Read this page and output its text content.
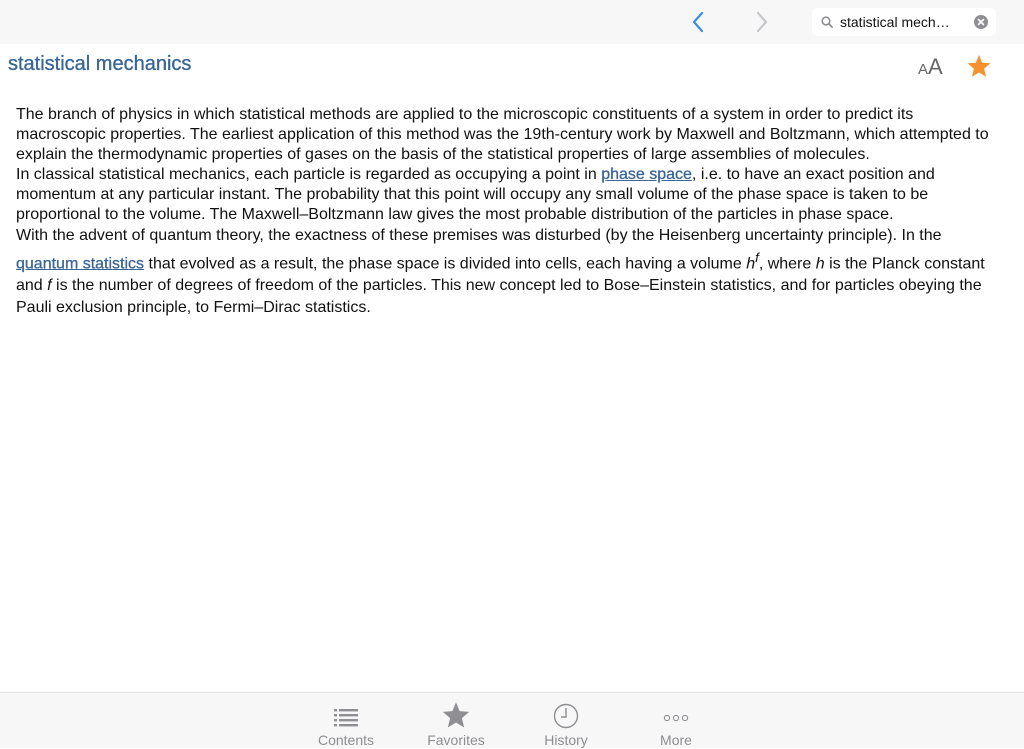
statistical mech…
statistical mechanics	AA

The branch of physics in which statistical methods are applied to the microscopic constituents of a system in order to predict its macroscopic properties. The earliest application of this method was the 19th-century work by Maxwell and Boltzmann, which attempted to explain the thermodynamic properties of gases on the basis of the statistical properties of large assemblies of molecules.

In classical statistical mechanics, each particle is regarded as occupying a point in phase space, i.e. to have an exact position and momentum at any particular instant. The probability that this point will occupy any small volume of the phase space is taken to be proportional to the volume. The Maxwell–Boltzmann law gives the most probable distribution of the particles in phase space.

With the advent of quantum theory, the exactness of these premises was disturbed (by the Heisenberg uncertainty principle). In the quantum statistics that evolved as a result, the phase space is divided into cells, each having a volume $h^f$, where h is the Planck constant and f is the number of degrees of freedom of the particles. This new concept led to Bose–Einstein statistics, and for particles obeying the Pauli exclusion principle, to Fermi–Dirac statistics.

Contents	Favorites	History	More
